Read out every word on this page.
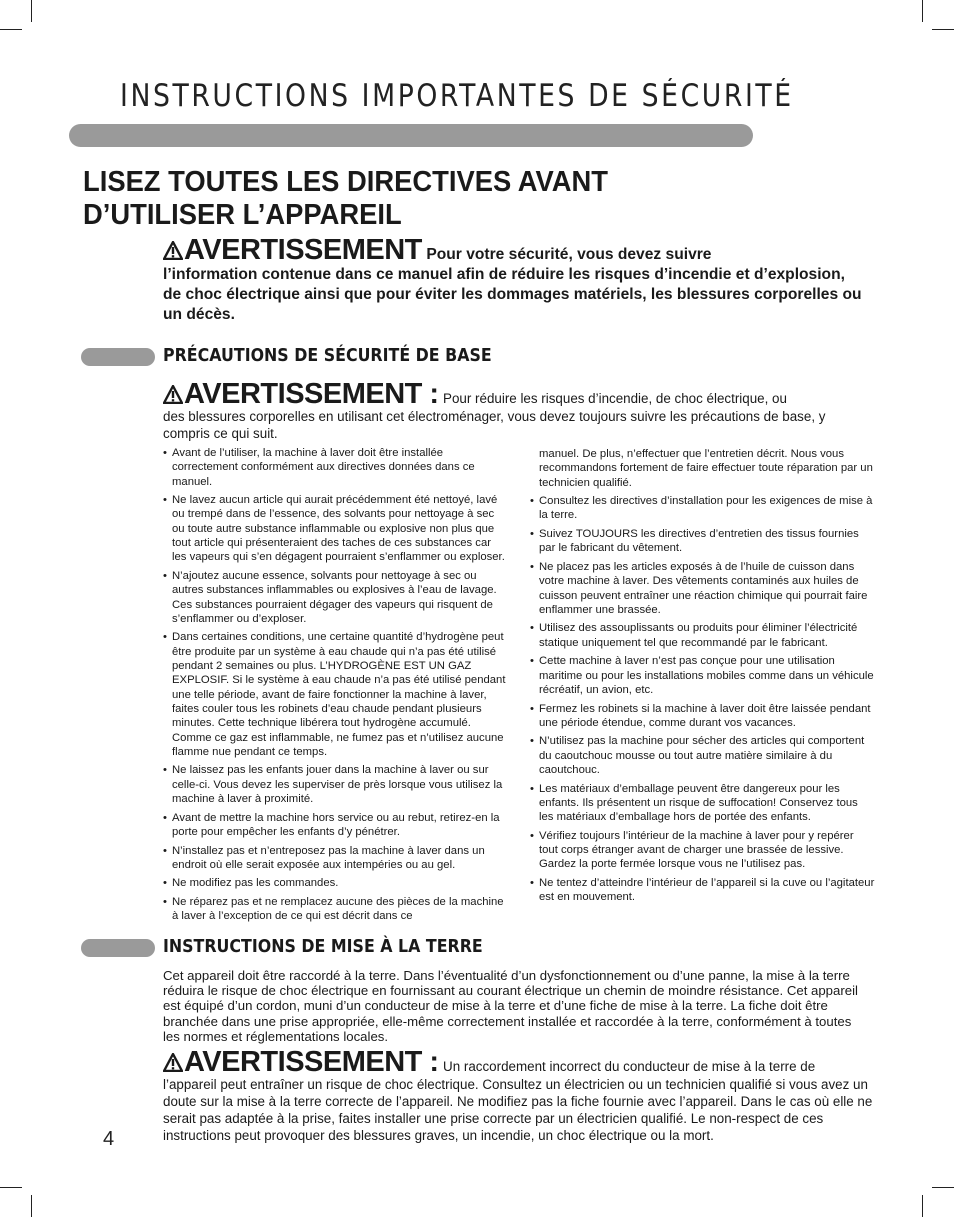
INSTRUCTIONS IMPORTANTES DE SÉCURITÉ
LISEZ TOUTES LES DIRECTIVES AVANT
D’UTILISER L’APPAREIL
AVERTISSEMENT Pour votre sécurité, vous devez suivre
l’information contenue dans ce manuel afin de réduire les risques d’incendie et d’explosion, de choc électrique ainsi que pour éviter les dommages matériels, les blessures corporelles ou un décès.
PRÉCAUTIONS DE SÉCURITÉ DE BASE
AVERTISSEMENT : Pour réduire les risques d’incendie, de choc électrique, ou
des blessures corporelles en utilisant cet électroménager, vous devez toujours suivre les précautions de base, y compris ce qui suit.
• Avant de l’utiliser, la machine à laver doit être installée correctement conformément aux directives données dans ce manuel.
• Ne lavez aucun article qui aurait précédemment été nettoyé, lavé ou trempé dans de l’essence, des solvants pour nettoyage à sec ou toute autre substance inflammable ou explosive non plus que tout article qui présenteraient des taches de ces substances car les vapeurs qui s’en dégagent pourraient s’enflammer ou exploser.
• N’ajoutez aucune essence, solvants pour nettoyage à sec ou autres substances inflammables ou explosives à l’eau de lavage. Ces substances pourraient dégager des vapeurs qui risquent de s’enflammer ou d’exploser.
• Dans certaines conditions, une certaine quantité d’hydrogène peut être produite par un système à eau chaude qui n’a pas été utilisé pendant 2 semaines ou plus. L’HYDROGÈNE EST UN GAZ EXPLOSIF. Si le système à eau chaude n’a pas été utilisé pendant une telle période, avant de faire fonctionner la machine à laver, faites couler tous les robinets d’eau chaude pendant plusieurs minutes. Cette technique libérera tout hydrogène accumulé. Comme ce gaz est inflammable, ne fumez pas et n’utilisez aucune flamme nue pendant ce temps.
• Ne laissez pas les enfants jouer dans la machine à laver ou sur celle-ci. Vous devez les superviser de près lorsque vous utilisez la machine à laver à proximité.
• Avant de mettre la machine hors service ou au rebut, retirez-en la porte pour empêcher les enfants d’y pénétrer.
• N’installez pas et n’entreposez pas la machine à laver dans un endroit où elle serait exposée aux intempéries ou au gel.
• Ne modifiez pas les commandes.
• Ne réparez pas et ne remplacez aucune des pièces de la machine à laver à l’exception de ce qui est décrit dans ce
manuel. De plus, n’effectuer que l’entretien décrit. Nous vous recommandons fortement de faire effectuer toute réparation par un technicien qualifié.
• Consultez les directives d’installation pour les exigences de mise à la terre.
• Suivez TOUJOURS les directives d’entretien des tissus fournies par le fabricant du vêtement.
• Ne placez pas les articles exposés à de l’huile de cuisson dans votre machine à laver. Des vêtements contaminés aux huiles de cuisson peuvent entraîner une réaction chimique qui pourrait faire enflammer une brassée.
• Utilisez des assouplissants ou produits pour éliminer l’électricité statique uniquement tel que recommandé par le fabricant.
• Cette machine à laver n’est pas conçue pour une utilisation maritime ou pour les installations mobiles comme dans un véhicule récréatif, un avion, etc.
• Fermez les robinets si la machine à laver doit être laissée pendant une période étendue, comme durant vos vacances.
• N’utilisez pas la machine pour sécher des articles qui comportent du caoutchouc mousse ou tout autre matière similaire à du caoutchouc.
• Les matériaux d’emballage peuvent être dangereux pour les enfants. Ils présentent un risque de suffocation! Conservez tous les matériaux d’emballage hors de portée des enfants.
• Vérifiez toujours l’intérieur de la machine à laver pour y repérer tout corps étranger avant de charger une brassée de lessive. Gardez la porte fermée lorsque vous ne l’utilisez pas.
• Ne tentez d’atteindre l’intérieur de l’appareil si la cuve ou l’agitateur est en mouvement.
INSTRUCTIONS DE MISE À LA TERRE

Cet appareil doit être raccordé à la terre. Dans l’éventualité d’un dysfonctionnement ou d’une panne, la mise à la terre réduira le risque de choc électrique en fournissant au courant électrique un chemin de moindre résistance. Cet appareil est équipé d’un cordon, muni d’un conducteur de mise à la terre et d’une fiche de mise à la terre. La fiche doit être branchée dans une prise appropriée, elle-même correctement installée et raccordée à la terre, conformément à toutes les normes et réglementations locales.

AVERTISSEMENT : Un raccordement incorrect du conducteur de mise à la terre de
l’appareil peut entraîner un risque de choc électrique. Consultez un électricien ou un technicien qualifié si vous avez un doute sur la mise à la terre correcte de l’appareil. Ne modifiez pas la fiche fournie avec l’appareil. Dans le cas où elle ne serait pas adaptée à la prise, faites installer une prise correcte par un électricien qualifié. Le non-respect de ces instructions peut provoquer des blessures graves, un incendie, un choc électrique ou la mort.
4
